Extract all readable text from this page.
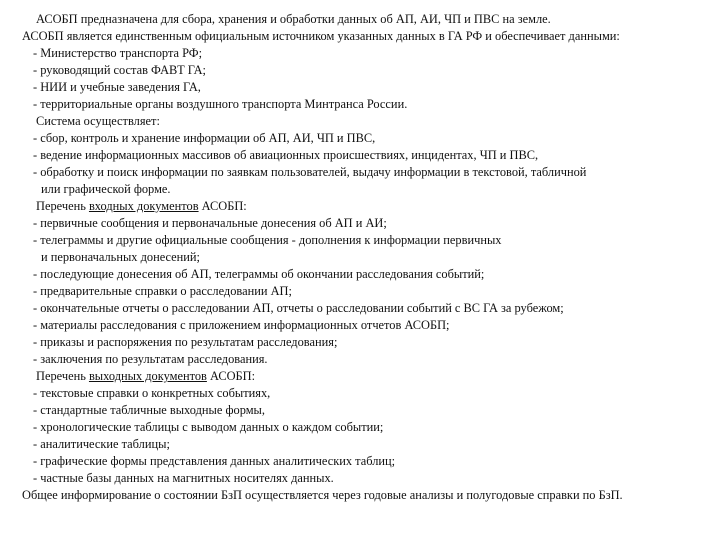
АСОБП предназначена для сбора, хранения и обработки данных об АП, АИ, ЧП и ПВС на земле.
АСОБП является единственным официальным источником указанных данных в ГА РФ и обеспечивает данными:
- Министерство транспорта РФ;
- руководящий состав ФАВТ ГА;
- НИИ и учебные заведения ГА,
- территориальные органы воздушного транспорта Минтранса России.
Система осуществляет:
- сбор, контроль и хранение информации об АП, АИ, ЧП и ПВС,
- ведение информационных массивов об авиационных происшествиях, инцидентах, ЧП и ПВС,
- обработку и поиск информации по заявкам пользователей, выдачу информации в текстовой, табличной
или графической форме.
Перечень входных документов АСОБП:
- первичные сообщения и первоначальные донесения об АП и АИ;
- телеграммы и другие официальные сообщения - дополнения к информации первичных
и первоначальных донесений;
- последующие донесения об АП, телеграммы об окончании расследования событий;
- предварительные справки о расследовании АП;
- окончательные отчеты о расследовании АП, отчеты о расследовании событий с ВС ГА за рубежом;
- материалы расследования с приложением информационных отчетов АСОБП;
- приказы и распоряжения по результатам расследования;
- заключения по результатам расследования.
Перечень выходных документов АСОБП:
- текстовые справки о конкретных событиях,
- стандартные табличные выходные формы,
- хронологические таблицы с выводом данных о каждом событии;
- аналитические таблицы;
- графические формы представления данных аналитических таблиц;
- частные базы данных на магнитных носителях данных.
Общее информирование о состоянии БзП осуществляется через годовые анализы и полугодовые справки по БзП.
